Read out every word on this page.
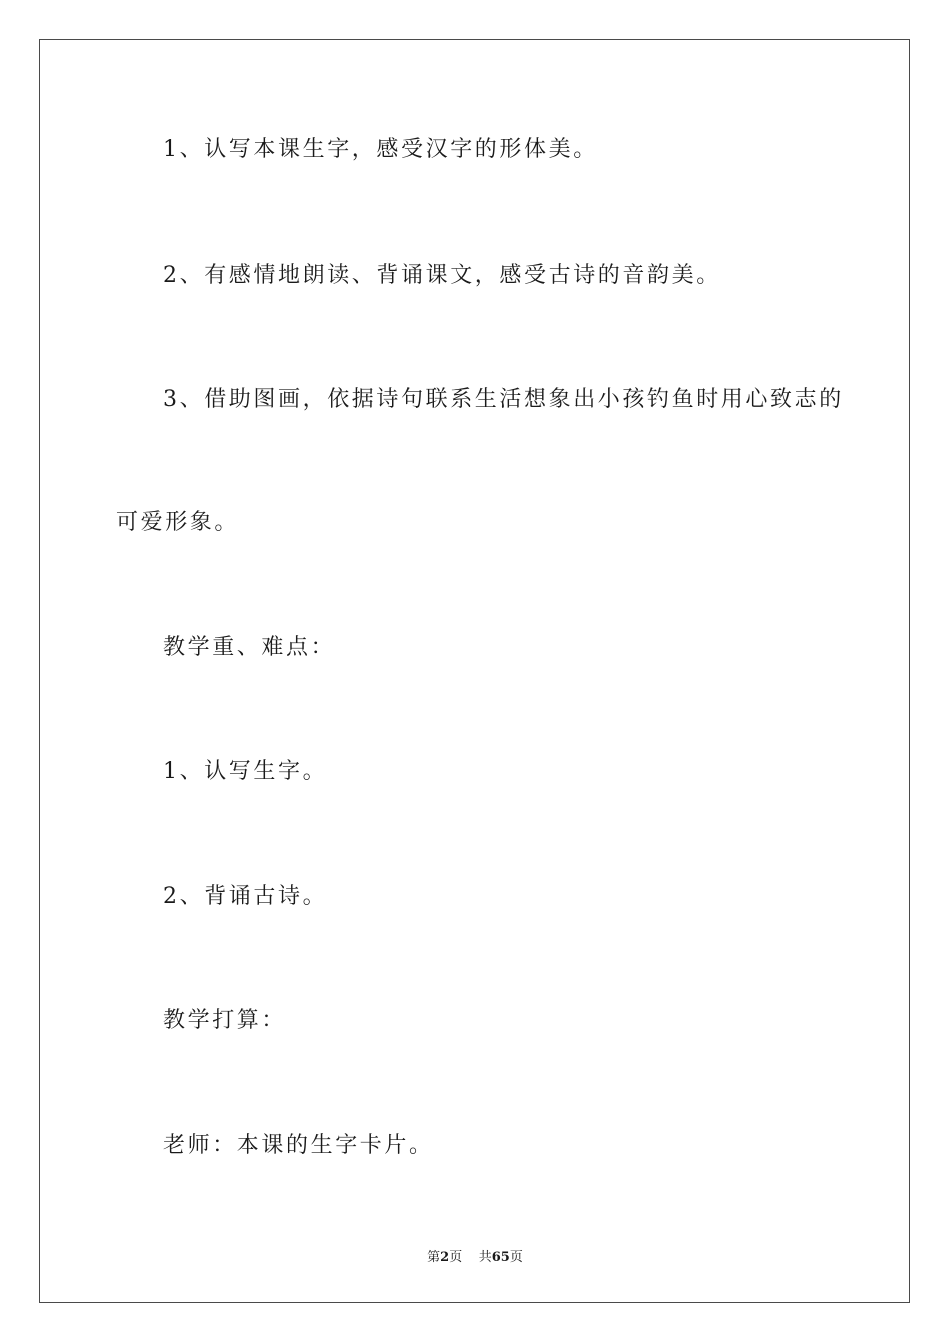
1、认写本课生字，感受汉字的形体美。
2、有感情地朗读、背诵课文，感受古诗的音韵美。
3、借助图画，依据诗句联系生活想象出小孩钓鱼时用心致志的
可爱形象。
教学重、难点：
1、认写生字。
2、背诵古诗。
教学打算：
老师：本课的生字卡片。
第2页 共65页
